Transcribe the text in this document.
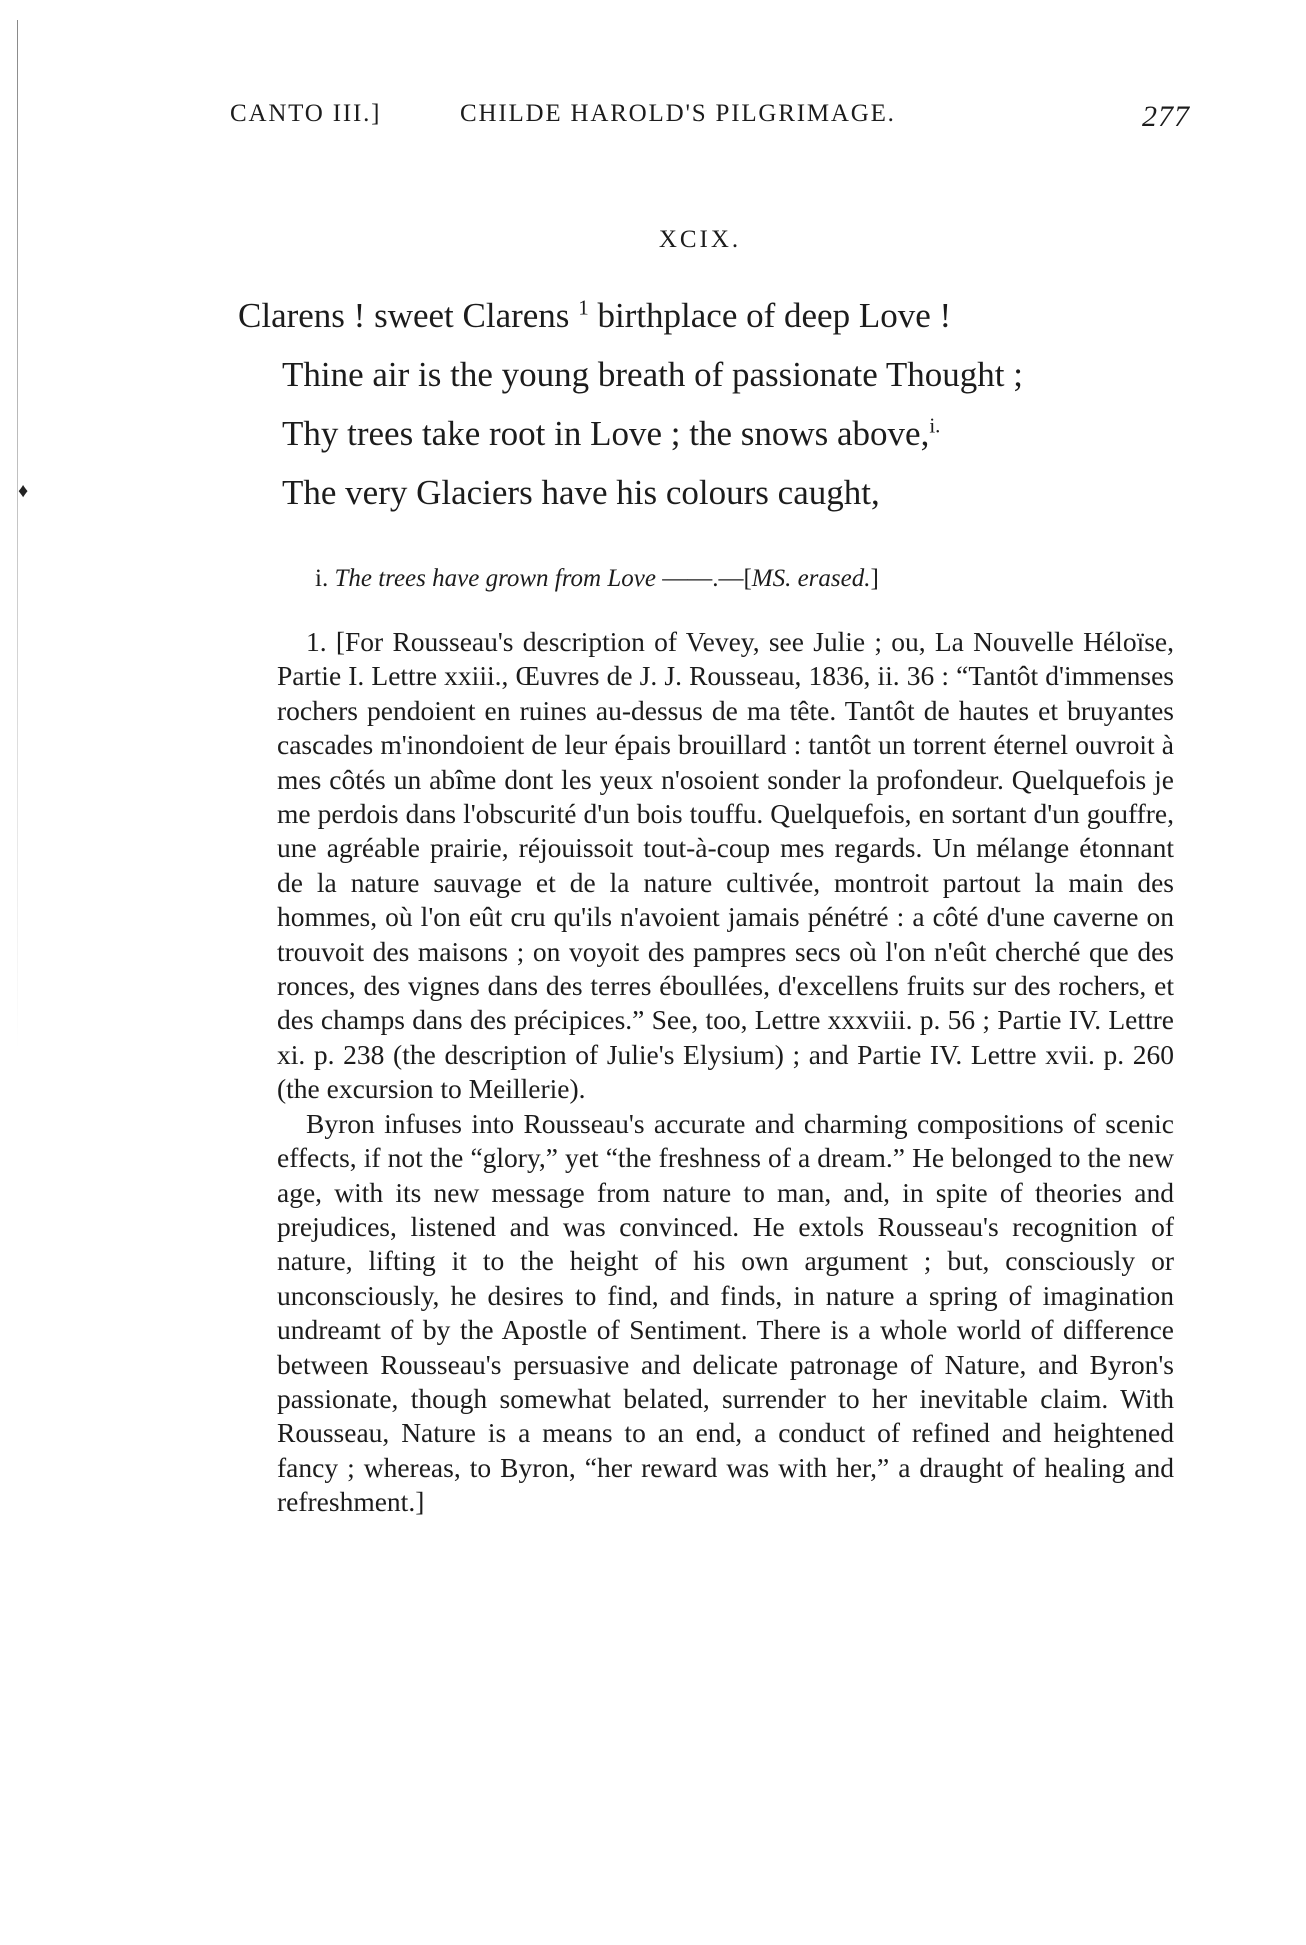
♦
CANTO III.]	CHILDE HAROLD'S PILGRIMAGE.	277
XCIX.
Clarens ! sweet Clarens $^1$ birthplace of deep Love !
Thine air is the young breath of passionate Thought ;
Thy trees take root in Love ; the snows above,$^{i.}$
The very Glaciers have his colours caught,
i. The trees have grown from Love ——.—[MS. erased.]

1. [For Rousseau's description of Vevey, see Julie ; ou, La Nouvelle Héloïse, Partie I. Lettre xxiii., Œuvres de J. J. Rousseau, 1836, ii. 36 : “Tantôt d'immenses rochers pendoient en ruines au-dessus de ma tête. Tantôt de hautes et bruyantes cascades m'inondoient de leur épais brouillard : tantôt un torrent éternel ouvroit à mes côtés un abîme dont les yeux n'osoient sonder la profondeur. Quelquefois je me perdois dans l'obscurité d'un bois touffu. Quelquefois, en sortant d'un gouffre, une agréable prairie, réjouissoit tout-à-coup mes regards. Un mélange étonnant de la nature sauvage et de la nature cultivée, montroit partout la main des hommes, où l'on eût cru qu'ils n'avoient jamais pénétré : a côté d'une caverne on trouvoit des maisons ; on voyoit des pampres secs où l'on n'eût cherché que des ronces, des vignes dans des terres éboullées, d'excellens fruits sur des rochers, et des champs dans des précipices.” See, too, Lettre xxxviii. p. 56 ; Partie IV. Lettre xi. p. 238 (the description of Julie's Elysium) ; and Partie IV. Lettre xvii. p. 260 (the excursion to Meillerie).

Byron infuses into Rousseau's accurate and charming compositions of scenic effects, if not the “glory,” yet “the freshness of a dream.” He belonged to the new age, with its new message from nature to man, and, in spite of theories and prejudices, listened and was convinced. He extols Rousseau's recognition of nature, lifting it to the height of his own argument ; but, consciously or unconsciously, he desires to find, and finds, in nature a spring of imagination undreamt of by the Apostle of Sentiment. There is a whole world of difference between Rousseau's persuasive and delicate patronage of Nature, and Byron's passionate, though somewhat belated, surrender to her inevitable claim. With Rousseau, Nature is a means to an end, a conduct of refined and heightened fancy ; whereas, to Byron, “her reward was with her,” a draught of healing and refreshment.]
